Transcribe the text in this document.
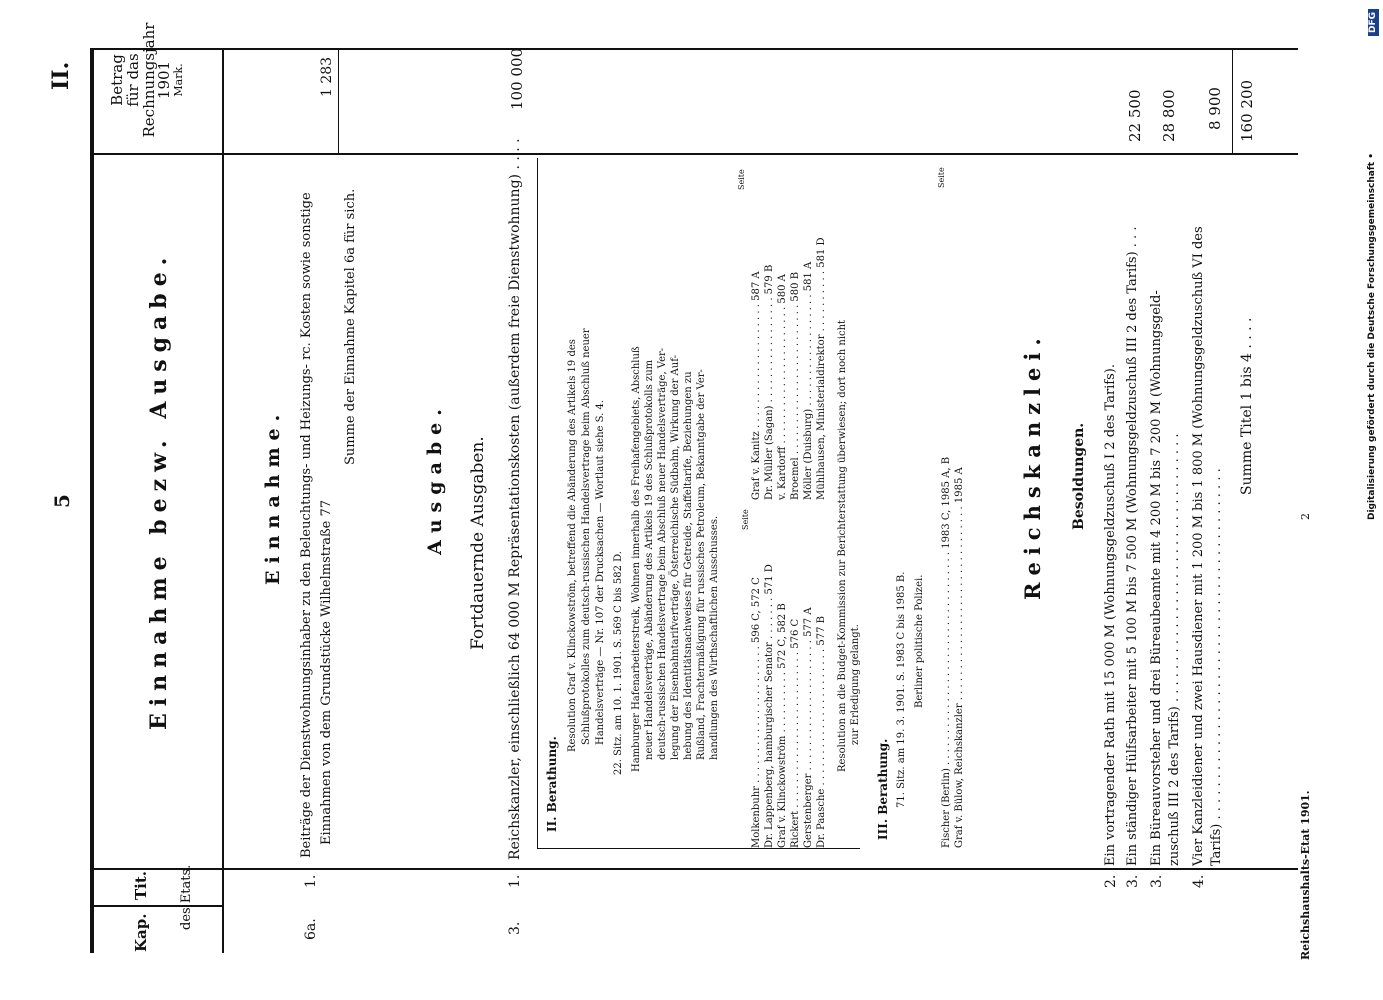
5
II.
Kap.
Tit. des Etats.
Betrag
für das
Rechnungsjahr
1901
Mark.
Einnahme bezw. Ausgabe.	Einnahme.
6a.
1.
Beiträge der Dienstwohnungsinhaber zu den Beleuchtungs- und Heizungs- rc. Kosten sowie sonstige Einnahmen von dem Grundstücke Wilhelmstraße 77
1 283
Summe der Einnahme Kapitel 6a für sich.
Ausgabe. Fortdauernde Ausgaben.
3.
1.
Reichskanzler, einschließlich 64 000 M Repräsentationskosten (außerdem freie Dienstwohnung) . . . .
100 000
II. Berathung.
Resolution Graf v. Klinckowström, betreffend die Abänderung des Artikels 19 des Schlußprotokolles zum deutsch-russischen Handelsvertrage beim Abschluß neuer Handelsverträge — Nr. 107 der Drucksachen — Wortlaut siehe S. 4. 22. Sitz. am 10. 1. 1901. S. 569 C bis 582 D. Hamburger Hafenarbeiterstreik, Wohnen innerhalb des Freihafengebiets, Abschluß neuer Handelsverträge, Abänderung des Artikels 19 des Schlußprotokolls zum deutsch-russischen Handelsvertrage beim Abschluß neuer Handelsverträge, Ver- legung der Eisenbahntarifverträge, Österreichische Südbahn, Wirkung der Auf- hebung des Identitätsnachweises für Getreide, Staffeltarife, Beziehungen zu Rußland, Frachtermäßigung für russisches Petroleum, Bekanntgabe der Ver- handlungen des Wirthschaftlichen Ausschusses.	Seite
Seite
Molkenbuhr . . . . . . . . . . . . . . . . . . . . . . 596 C, 572 C Dr. Lappenberg, hamburgischer Senator . . . . . . . 571 D Graf v. Klinckowström . . . . . . . . . . 572 C, 582 B Rickert . . . . . . . . . . . . . . . . . . . . . . . . . 576 C Gerstenberger . . . . . . . . . . . . . . . . . . . . . 577 A Dr. Paasche . . . . . . . . . . . . . . . . . . . . . . 577 B
Graf v. Kanitz . . . . . . . . . . . . . . . . . . . . 587 A Dr. Müller (Sagan) . . . . . . . . . . . . . . . . . 579 B v. Kardorff . . . . . . . . . . . . . . . . . . . . . . 580 A Broemel . . . . . . . . . . . . . . . . . . . . . . . . 580 B Möller (Duisburg) . . . . . . . . . . . . . . . . . . 581 A Mühlhausen, Ministerialdirektor . . . . . . . . . . 581 D Resolution an die Budget-Kommission zur Berichterstattung überwiesen; dort noch nicht zur Erledigung gelangt.
III. Berathung. 71. Sitz. am 19. 3. 1901. S. 1983 C bis 1985 B. Berliner politische Polizei.
Seite
Fischer (Berlin) . . . . . . . . . . . . . . . . . . . . . . . . . . . . . . . . . . 1983 C, 1985 A, B Graf v. Bülow, Reichskanzler . . . . . . . . . . . . . . . . . . . . . . . . . . . . . . . 1985 A
Reichskanzlei. Besoldungen.
2.
Ein vortragender Rath mit 15 000 M (Wohnungsgeldzuschuß I 2 des Tarifs).
3.
Ein ständiger Hülfsarbeiter mit 5 100 M bis 7 500 M (Wohnungsgeldzuschuß III 2 des Tarifs) . . .
22 500
3.
Ein Büreauvorsteher und drei Büreaubeamte mit 4 200 M bis 7 200 M (Wohnungsgeld- zuschuß III 2 des Tarifs) . . . . . . . . . . . . . . . . . . . . . . . . . . . . . . . . .
28 800
4.
Vier Kanzleidiener und zwei Hausdiener mit 1 200 M bis 1 800 M (Wohnungsgeldzuschuß VI des Tarifs) . . . . . . . . . . . . . . . . . . . . . . . . . . . . . . . . . . . . . . . . . . .
8 900
Summe Titel 1 bis 4 . . . .
160 200
2
Reichshaushalts-Etat 1901.
Digitalisierung gefördert durch die Deutsche Forschungsgemeinschaft •
DFG
